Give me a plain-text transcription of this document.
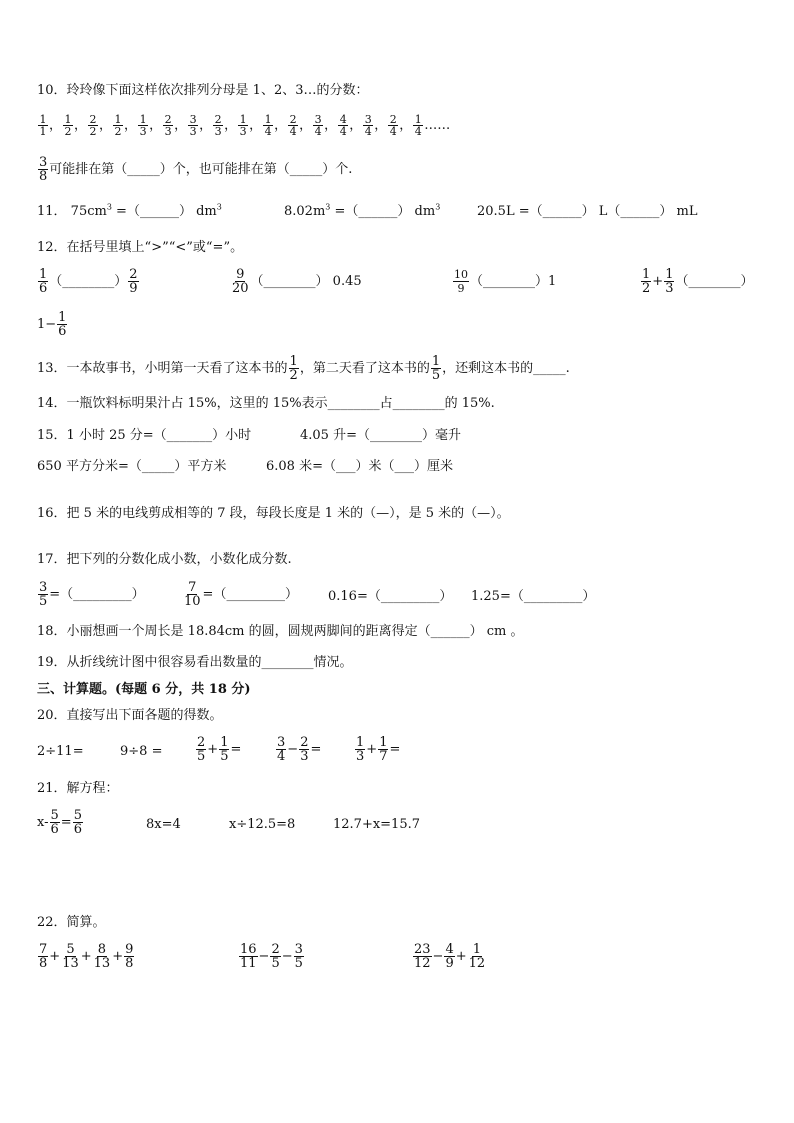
10．玲玲像下面这样依次排列分母是 1、2、3…的分数：
$\frac{1}{1}$ ， $\frac{1}{2}$ ， $\frac{2}{2}$ ， $\frac{1}{2}$ ， $\frac{1}{3}$ ， $\frac{2}{3}$ ， $\frac{3}{3}$ ， $\frac{2}{3}$ ， $\frac{1}{3}$ ， $\frac{1}{4}$ ， $\frac{2}{4}$ ， $\frac{3}{4}$ ， $\frac{4}{4}$ ， $\frac{3}{4}$ ， $\frac{2}{4}$ ， $\frac{1}{4}$ ……
$\frac{3}{8}$ 可能排在第（_____）个，也可能排在第（_____）个.
11． $75cm^3$ =（______） $dm^3$	$8.02m^3$ =（______） $dm^3$	20.5L =（______） L（______） mL
12．在括号里填上“>”“<”或“=”。
$\frac{1}{6}$ （________） $\frac{2}{9}$	$\frac{9}{20}$ （________） 0.45	$\frac{10}{9}$ （________）1	$\frac{1}{2} + \frac{1}{3}$ （________）
$1- \frac{1}{6}$
13．一本故事书，小明第一天看了这本书的 $\frac{1}{2}$ ，第二天看了这本书的 $\frac{1}{5}$ ，还剩这本书的_____.
14．一瓶饮料标明果汁占 15%，这里的 15%表示________占________的 15%.
15．1 小时 25 分=（_______）小时	4.05 升=（________）毫升
650 平方分米=（_____）平方米	6.08 米=（___）米（___）厘米
16．把 5 米的电线剪成相等的 7 段，每段长度是 1 米的（—），是 5 米的（—）。
17．把下列的分数化成小数，小数化成分数.
$\frac{3}{5}$ =（_________）	$\frac{7}{10}$ =（_________） 0.16=（_________） 1.25=（_________）
18．小丽想画一个周长是 18.84cm 的圆，圆规两脚间的距离得定（______） cm 。
19．从折线统计图中很容易看出数量的________情况。
三、计算题。(每题 6 分，共 18 分)
20．直接写出下面各题的得数。
2÷11=	9÷8 =	$\frac{2}{5} + \frac{1}{5}$ =	$\frac{3}{4} - \frac{2}{3}$ =	$\frac{1}{3} + \frac{1}{7}$ =
21．解方程：
$x- \frac{5}{6} = \frac{5}{6}$	8x=4	x÷12.5=8	12.7+x=15.7
22．简算。
$\frac{7}{8} + \frac{5}{13} + \frac{8}{13} + \frac{9}{8}$	$\frac{16}{11} - \frac{2}{5} - \frac{3}{5}$	$\frac{23}{12} - \frac{4}{9} + \frac{1}{12}$
